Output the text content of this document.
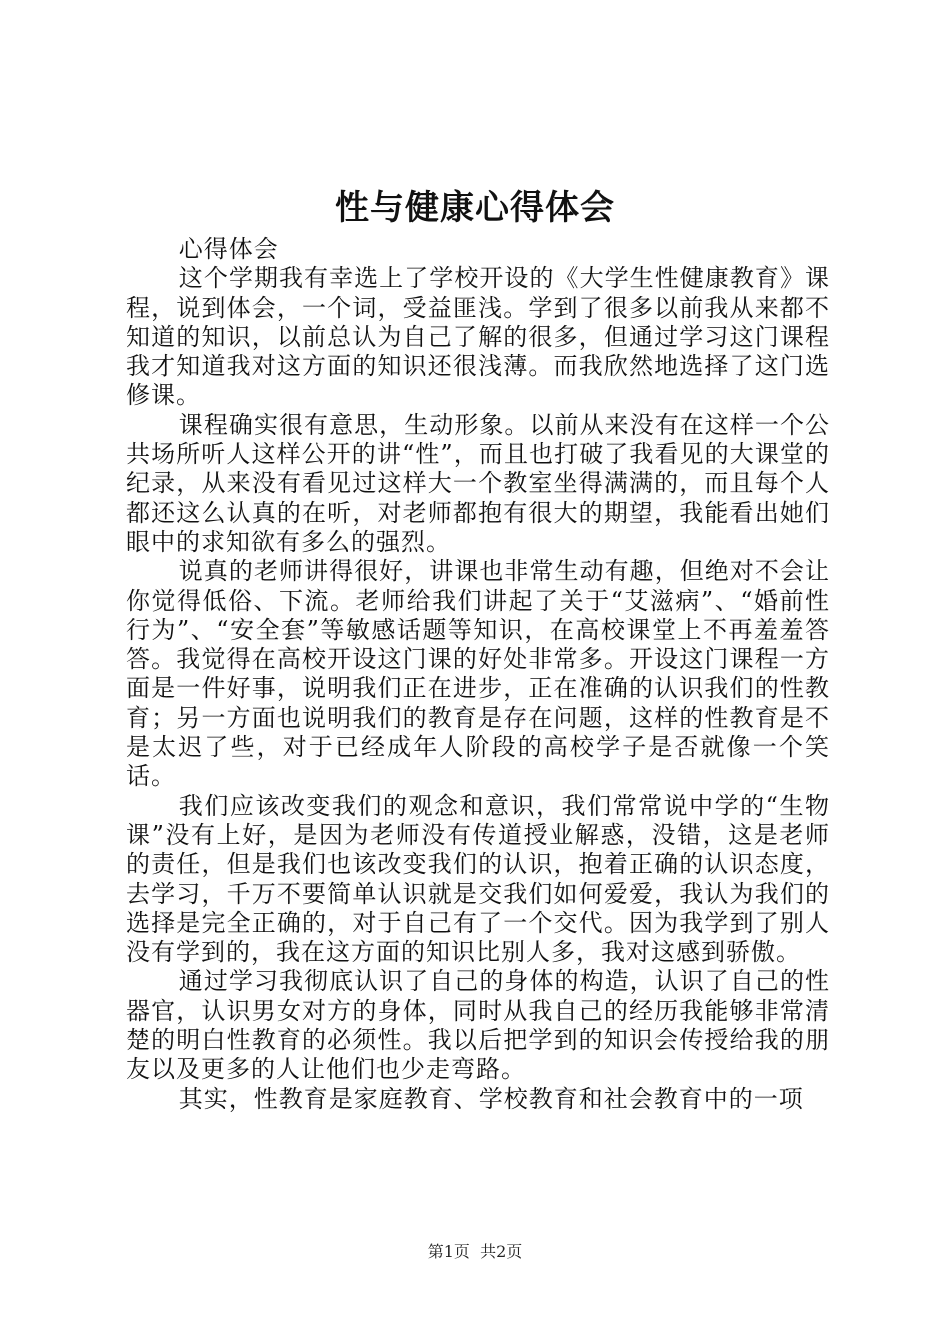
性与健康心得体会

心得体会

这个学期我有幸选上了学校开设的《大学生性健康教育》课程，说到体会，一个词，受益匪浅。学到了很多以前我从来都不知道的知识，以前总认为自己了解的很多，但通过学习这门课程我才知道我对这方面的知识还很浅薄。而我欣然地选择了这门选修课。

课程确实很有意思，生动形象。以前从来没有在这样一个公共场所听人这样公开的讲“性”，而且也打破了我看见的大课堂的纪录，从来没有看见过这样大一个教室坐得满满的，而且每个人都还这么认真的在听，对老师都抱有很大的期望，我能看出她们眼中的求知欲有多么的强烈。

说真的老师讲得很好，讲课也非常生动有趣，但绝对不会让你觉得低俗、下流。老师给我们讲起了关于“艾滋病”、“婚前性行为”、“安全套”等敏感话题等知识，在高校课堂上不再羞羞答答。我觉得在高校开设这门课的好处非常多。开设这门课程一方面是一件好事，说明我们正在进步，正在准确的认识我们的性教育；另一方面也说明我们的教育是存在问题，这样的性教育是不是太迟了些，对于已经成年人阶段的高校学子是否就像一个笑话。

我们应该改变我们的观念和意识，我们常常说中学的“生物课”没有上好，是因为老师没有传道授业解惑，没错，这是老师的责任，但是我们也该改变我们的认识，抱着正确的认识态度，去学习，千万不要简单认识就是交我们如何爱爱，我认为我们的选择是完全正确的，对于自己有了一个交代。因为我学到了别人没有学到的，我在这方面的知识比别人多，我对这感到骄傲。

通过学习我彻底认识了自己的身体的构造，认识了自己的性器官，认识男女对方的身体，同时从我自己的经历我能够非常清楚的明白性教育的必须性。我以后把学到的知识会传授给我的朋友以及更多的人让他们也少走弯路。

其实，性教育是家庭教育、学校教育和社会教育中的一项

第1页 共2页
